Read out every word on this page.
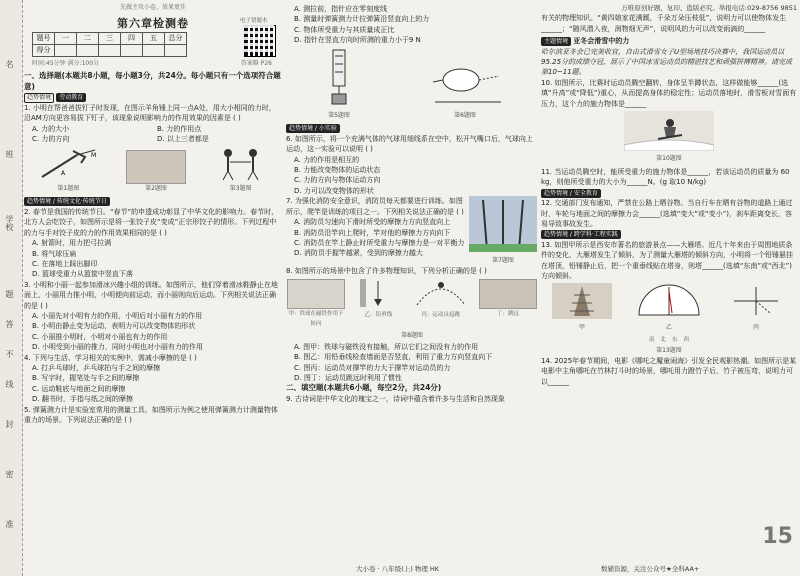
名
班
学校
题
答
不
线
封
密
准
先做主攻小卷，效果更佳
第六章检测卷	电子错题本
题号	一	二	三	四	五	总分
得分						
时间:45分钟 满分:100分	答案略 P26
一、选择题(本题共8小题，每小题3分，共24分。每小题只有一个选项符合题意)
趋势情境 劳动教育
1. 小明在帮爸爸拔钉子时发现，在图示羊角锤上同一点A处，用大小相同的力时，沿AM方向更容易拔下钉子，该现象说明影响力的作用效果的因素是 ( )
A. 力的大小	B. 力的作用点
C. 力的方向	D. 以上三者都是
M
A
第1题图	第2题图	第3题图
趋势情境 / 传统文化·传统节日
2. 春节是我国的传统节日。“春节”的申遗成功彰显了中华文化的影响力。春节时，北方人会吃饺子，如图所示是将一张饺子皮“变成”正宗形饺子的情形。下列过程中的力与手对饺子皮的力的作用效果相同的是 ( )
A. 射箭时，用力把弓拉满
B. 将气球压扁
C. 在落地上踩出脚印
D. 篮球受重力从篮筐中竖直下落
3. 小明和小丽一起参加滑冰兴趣小组的训练。如图所示，他们穿着滑冰鞋静止在地面上，小丽用力推小明，小明便向前运动，而小丽则向后运动。下列相关说法正确的是 ( )
A. 小丽先对小明有力的作用，小明后对小丽有力的作用
B. 小明由静止变为运动，表明力可以改变物体的形状
C. 小丽推小明时，小明对小丽也有力的作用
D. 小明受到小丽的推力，同时小明也对小丽有力的作用
4. 下列与生活、学习相关的实例中，需减小摩擦的是 ( )
A. 打乒乓球时，乒乓球拍与手之间的摩擦
B. 写字时，握笔处与手之间的摩擦
C. 运动鞋底与地面之间的摩擦
D. 翻书时，手指与纸之间的摩擦
5. 弹簧测力计是实验室常用的测量工具，如图所示为例之使用弹簧测力计测量物体重力的场景。下列说法正确的是 ( )
A. 测拉前，指针应在零刻度线
B. 测量时弹簧测力计拉弹簧沿竖直向上的力
C. 物体所受重力与其质量成正比
D. 指针在竖直方向时所测的重力小于9 N
第5题图	第6题图
趋势情境 / 小实验
6. 如图所示，将一个充满气体的气球用细线系在空中，松开气嘴口后，气球向上运动，这一实验可以说明 ( )
A. 力的作用是相互的
B. 力能改变物体的运动状态
C. 力的方向与物体运动方向
D. 力可以改变物体的形状
7. 为强化消防安全意识，消防员每天都要进行训练。如图所示，爬竿是训练的项目之一。下列相关说法正确的是 ( )
A. 消防员匀速向下滑时所受的摩擦力方向竖直向上
B. 消防员沿竿向上爬时，竿对他的摩擦力方向向下
C. 消防员在竿上静止时所受重力与摩擦力是一对平衡力
D. 消防员手握竿越紧，受到的摩擦力越大
第7题图
8. 如图所示的场景中包含了许多物理知识，下列分析正确的是 ( )
甲：铁球在磁铁作用下转向
乙：铅垂线	丙：运动员起跳	丁：跳远
第8题图
A. 图甲：铁球与磁铁没有接触，所以它们之间没有力的作用
B. 图乙：用铅垂线检查墙面是否竖直，利用了重力方向竖直向下
C. 图丙：运动员对撑竿的力大于撑竿对运动员的力
D. 图丁：运动员跳远时利用了惯性
二、填空题(本题共6小题，每空2分，共24分)
9. 古诗词是中华文化的瑰宝之一，诗词中蕴含着许多与生活和自然现象
大小卷 · 八年级(上) 物理 HK
万唯原创好题，复印、盗版必究。举报电话:029-8756 9851
有关的物理知识。“黄四娘家花满蹊，千朵万朵压枝低”，说明力可以使物体发生______；“随风潜入夜，润物细无声”，说明风的力可以改变雨滴的______
主题情境 亚冬会滑雪中的力
哈尔滨亚冬会已完美收官，自由式滑雪女子U型场地技巧决赛中，我国运动员以95.25分的成绩夺冠，展示了中国冰雪运动员的精湛技艺和顽强拼搏精神。请完成第10~11题。
10. 如图所示，比赛时运动员腾空翻转，身体呈半蹲状态，这样做能够______(选填“升高”或“降低”)重心，从而提高身体的稳定性；运动员落地时，滑雪板对雪面有压力，这个力的施力物体是______
第10题图
11. 当运动员腾空时，能所受重力的施力物体是______，若该运动员的质量为 60 kg，则他所受重力的大小为______N。(g 取10 N/kg)
趋势情境 / 安全教育
12. 交通部门发布通知，严禁在公路上晒谷物。当自行车在晒有谷物的道路上通过时，车轮与地面之间的摩擦力会______(选填“变大”或“变小”)，刹车距离变长，容易导致事故发生。
趋势情境 / 跨学科·工程实践
13. 如图甲所示是西安市著名的旅游景点——大雁塔。近几十年来由于周围地质条件的变化，大雁塔发生了倾斜，为了测量大雁塔的倾斜方向，小明将一个铅锤悬挂在塔顶，铅锤静止后，把一个重垂线贴在塔身，则塔______(选填“东南”或“西北”)方向倾斜。
甲	乙	丙
南 北 东 西
第13题图
14. 2025年春节期间，电影《哪吒之魔童闹海》引发全民观影热潮。如图所示是某电影中主角哪吒在竹林打斗时的场景，哪吒用力蹬竹子后，竹子被压弯，说明力可以______
15
数辅资源，关注公众号★全科AA+
